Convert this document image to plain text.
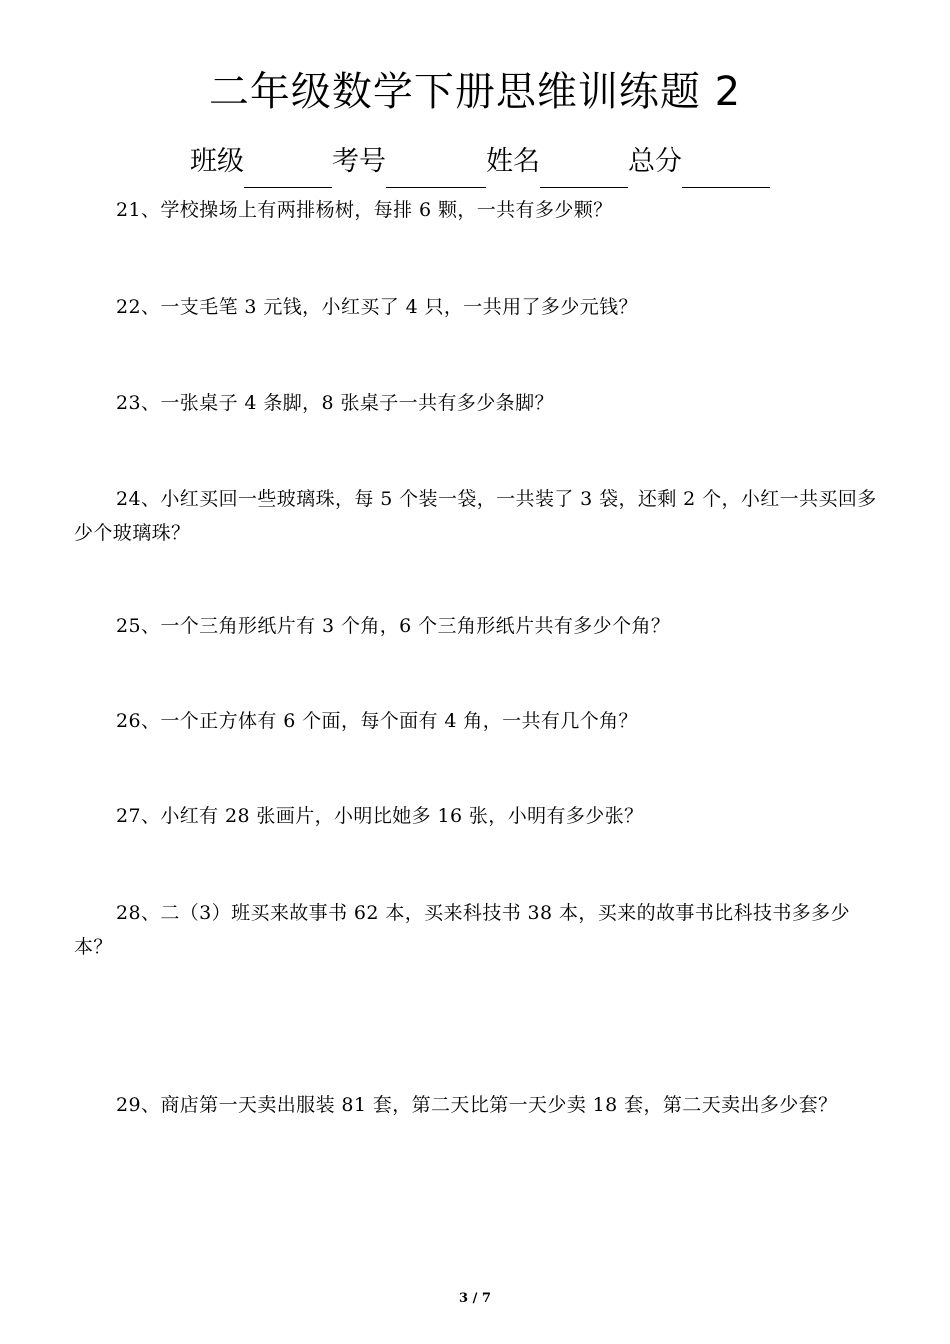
二年级数学下册思维训练题 2
班级	考号	姓名	总分
21、学校操场上有两排杨树，每排 6 颗，一共有多少颗？
22、一支毛笔 3 元钱，小红买了 4 只，一共用了多少元钱？
23、一张桌子 4 条脚，8 张桌子一共有多少条脚？
24、小红买回一些玻璃珠，每 5 个装一袋，一共装了 3 袋，还剩 2 个，小红一共买回多少个玻璃珠？
25、一个三角形纸片有 3 个角，6 个三角形纸片共有多少个角？
26、一个正方体有 6 个面，每个面有 4 角，一共有几个角？
27、小红有 28 张画片，小明比她多 16 张，小明有多少张？
28、二（3）班买来故事书 62 本，买来科技书 38 本，买来的故事书比科技书多多少本？
29、商店第一天卖出服装 81 套，第二天比第一天少卖 18 套，第二天卖出多少套？
3 / 7
